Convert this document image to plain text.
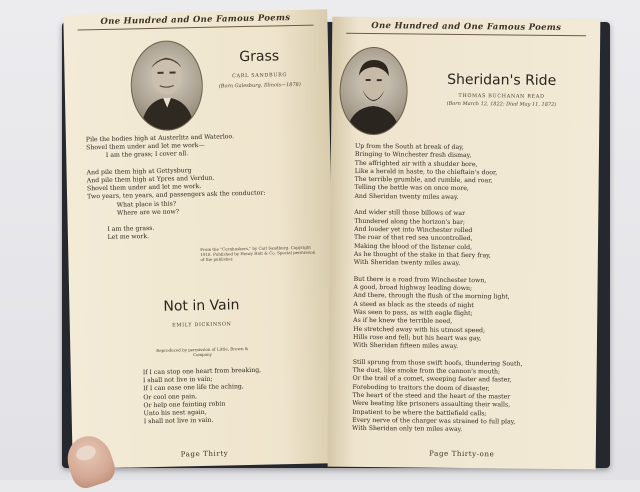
One Hundred and One Famous Poems
Grass
CARL SANDBURG
(Born Galesburg, Illinois—1878)
Pile the bodies high at Austerlitz and Waterloo.
Shovel them under and let me work—
I am the grass; I cover all.

And pile them high at Gettysburg
And pile them high at Ypres and Verdun.
Shovel them under and let me work.
Two years, ten years, and passengers ask the conductor:
What place is this?
Where are we now?

I am the grass.
Let me work.
From the "Cornhuskers," by Carl Sandburg. Copyright 1918. Published by Henry Holt & Co. Special permission of the publisher.
Not in Vain
EMILY DICKINSON
Reproduced by permission of Little, Brown & Company
If I can stop one heart from breaking,
I shall not live in vain;
If I can ease one life the aching,
Or cool one pain,
Or help one fainting robin
Unto his nest again,
I shall not live in vain.
Page Thirty
One Hundred and One Famous Poems
Sheridan's Ride
THOMAS BUCHANAN READ
(Born March 12, 1822; Died May 11, 1872)
Up from the South at break of day,
Bringing to Winchester fresh dismay,
The affrighted air with a shudder bore,
Like a herald in haste, to the chieftain's door,
The terrible grumble, and rumble, and roar,
Telling the battle was on once more,
And Sheridan twenty miles away.

And wider still those billows of war
Thundered along the horizon's bar;
And louder yet into Winchester rolled
The roar of that red sea uncontrolled,
Making the blood of the listener cold,
As he thought of the stake in that fiery fray,
With Sheridan twenty miles away.

But there is a road from Winchester town,
A good, broad highway leading down;
And there, through the flush of the morning light,
A steed as black as the steeds of night
Was seen to pass, as with eagle flight;
As if he knew the terrible need,
He stretched away with his utmost speed;
Hills rose and fell; but his heart was gay,
With Sheridan fifteen miles away.

Still sprung from those swift hoofs, thundering South,
The dust, like smoke from the cannon's mouth;
Or the trail of a comet, sweeping faster and faster,
Foreboding to traitors the doom of disaster,
The heart of the steed and the heart of the master
Were beating like prisoners assaulting their walls,
Impatient to be where the battlefield calls;
Every nerve of the charger was strained to full play,
With Sheridan only ten miles away.
Page Thirty-one
